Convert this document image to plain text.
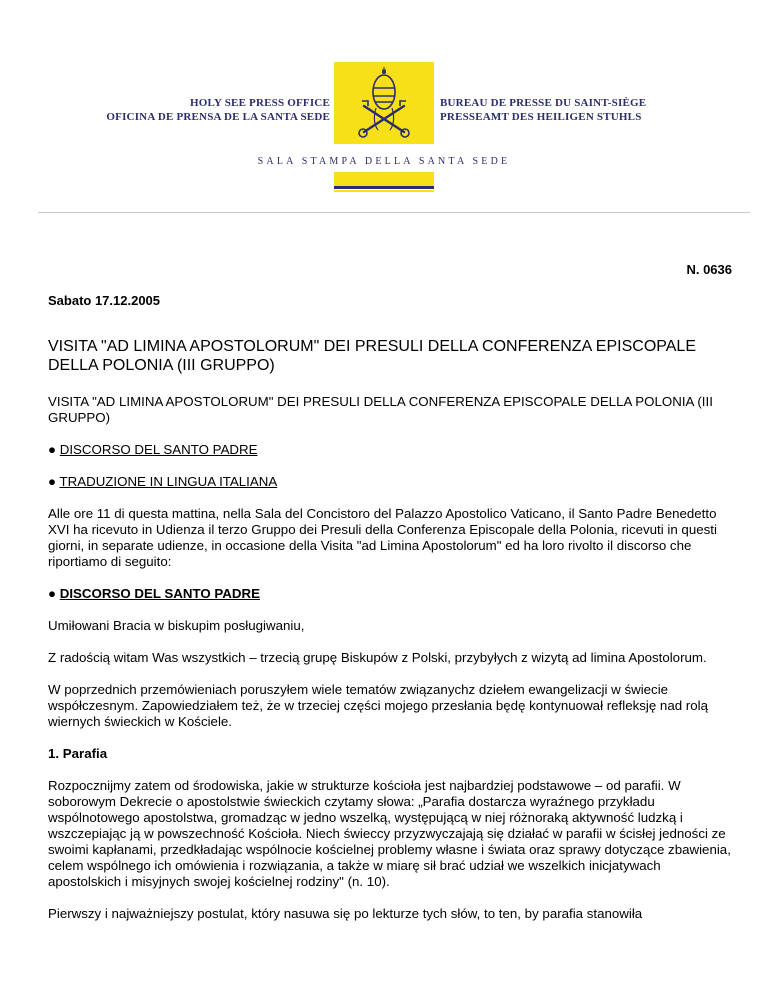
HOLY SEE PRESS OFFICE
OFICINA DE PRENSA DE LA SANTA SEDE
BUREAU DE PRESSE DU SAINT-SIÈGE
PRESSEAMT DES HEILIGEN STUHLS
SALA STAMPA DELLA SANTA SEDE
N. 0636
Sabato 17.12.2005
VISITA "AD LIMINA APOSTOLORUM" DEI PRESULI DELLA CONFERENZA EPISCOPALE DELLA POLONIA (III GRUPPO)

VISITA "AD LIMINA APOSTOLORUM" DEI PRESULI DELLA CONFERENZA EPISCOPALE DELLA POLONIA (III GRUPPO)

● DISCORSO DEL SANTO PADRE
● TRADUZIONE IN LINGUA ITALIANA

Alle ore 11 di questa mattina, nella Sala del Concistoro del Palazzo Apostolico Vaticano, il Santo Padre Benedetto XVI ha ricevuto in Udienza il terzo Gruppo dei Presuli della Conferenza Episcopale della Polonia, ricevuti in questi giorni, in separate udienze, in occasione della Visita "ad Limina Apostolorum" ed ha loro rivolto il discorso che riportiamo di seguito:

● DISCORSO DEL SANTO PADRE

Umiłowani Bracia w biskupim posługiwaniu,

Z radością witam Was wszystkich – trzecią grupę Biskupów z Polski, przybyłych z wizytą ad limina Apostolorum.

W poprzednich przemówieniach poruszyłem wiele tematów związanychz dziełem ewangelizacji w świecie współczesnym. Zapowiedziałem też, że w trzeciej części mojego przesłania będę kontynuował refleksję nad rolą wiernych świeckich w Kościele.

1. Parafia

Rozpocznijmy zatem od środowiska, jakie w strukturze kościoła jest najbardziej podstawowe – od parafii. W soborowym Dekrecie o apostolstwie świeckich czytamy słowa: „Parafia dostarcza wyraźnego przykładu wspólnotowego apostolstwa, gromadząc w jedno wszelką, występującą w niej różnoraką aktywność ludzką i wszczepiając ją w powszechność Kościoła. Niech świeccy przyzwyczajają się działać w parafii w ścisłej jedności ze swoimi kapłanami, przedkładając wspólnocie kościelnej problemy własne i świata oraz sprawy dotyczące zbawienia, celem wspólnego ich omówienia i rozwiązania, a także w miarę sił brać udział we wszelkich inicjatywach apostolskich i misyjnych swojej kościelnej rodziny" (n. 10).

Pierwszy i najważniejszy postulat, który nasuwa się po lekturze tych słów, to ten, by parafia stanowiła
